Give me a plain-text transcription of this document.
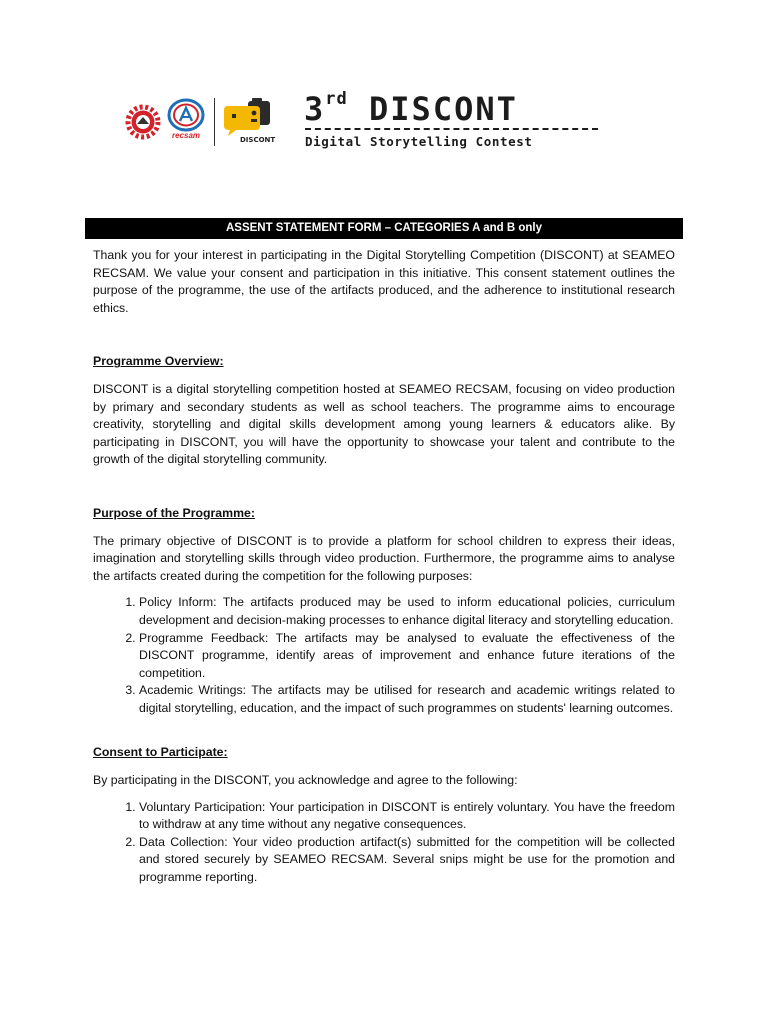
recsam	DISCONT
3rd DISCONT
Digital Storytelling Contest
ASSENT STATEMENT FORM – CATEGORIES A and B only

Thank you for your interest in participating in the Digital Storytelling Competition (DISCONT) at SEAMEO RECSAM. We value your consent and participation in this initiative. This consent statement outlines the purpose of the programme, the use of the artifacts produced, and the adherence to institutional research ethics.

Programme Overview:

DISCONT is a digital storytelling competition hosted at SEAMEO RECSAM, focusing on video production by primary and secondary students as well as school teachers. The programme aims to encourage creativity, storytelling and digital skills development among young learners & educators alike. By participating in DISCONT, you will have the opportunity to showcase your talent and contribute to the growth of the digital storytelling community.

Purpose of the Programme:

The primary objective of DISCONT is to provide a platform for school children to express their ideas, imagination and storytelling skills through video production. Furthermore, the programme aims to analyse the artifacts created during the competition for the following purposes:

1. Policy Inform: The artifacts produced may be used to inform educational policies, curriculum development and decision-making processes to enhance digital literacy and storytelling education.
2. Programme Feedback: The artifacts may be analysed to evaluate the effectiveness of the DISCONT programme, identify areas of improvement and enhance future iterations of the competition.
3. Academic Writings: The artifacts may be utilised for research and academic writings related to digital storytelling, education, and the impact of such programmes on students' learning outcomes.
Consent to Participate:

By participating in the DISCONT, you acknowledge and agree to the following:

1. Voluntary Participation: Your participation in DISCONT is entirely voluntary. You have the freedom to withdraw at any time without any negative consequences.
2. Data Collection: Your video production artifact(s) submitted for the competition will be collected and stored securely by SEAMEO RECSAM. Several snips might be use for the promotion and programme reporting.
